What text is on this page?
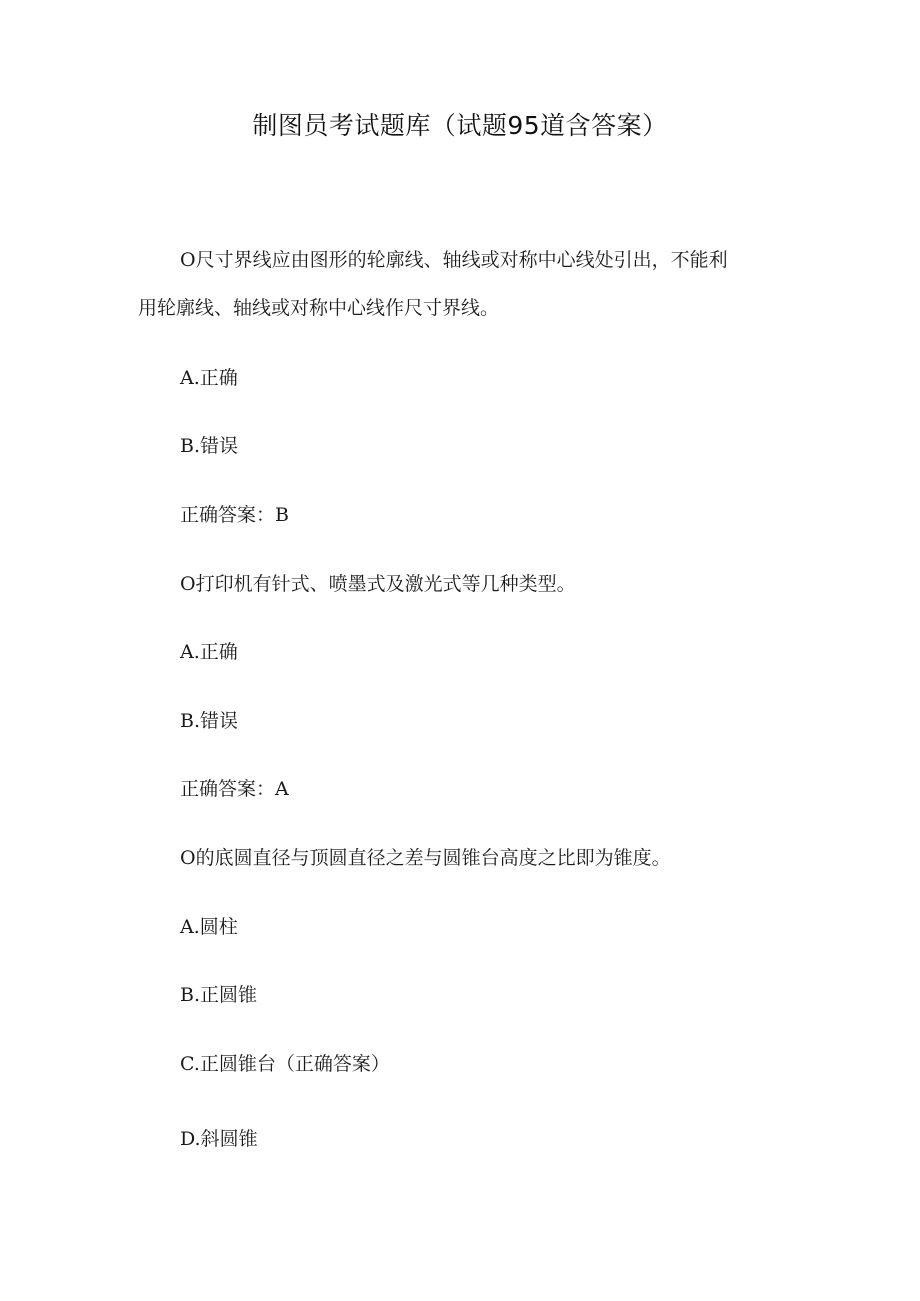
制图员考试题库（试题95道含答案）
O尺寸界线应由图形的轮廓线、轴线或对称中心线处引出，不能利
用轮廓线、轴线或对称中心线作尺寸界线。
A.正确
B.错误
正确答案：B
O打印机有针式、喷墨式及激光式等几种类型。
A.正确
B.错误
正确答案：A
O的底圆直径与顶圆直径之差与圆锥台高度之比即为锥度。
A.圆柱
B.正圆锥
C.正圆锥台（正确答案）
D.斜圆锥
